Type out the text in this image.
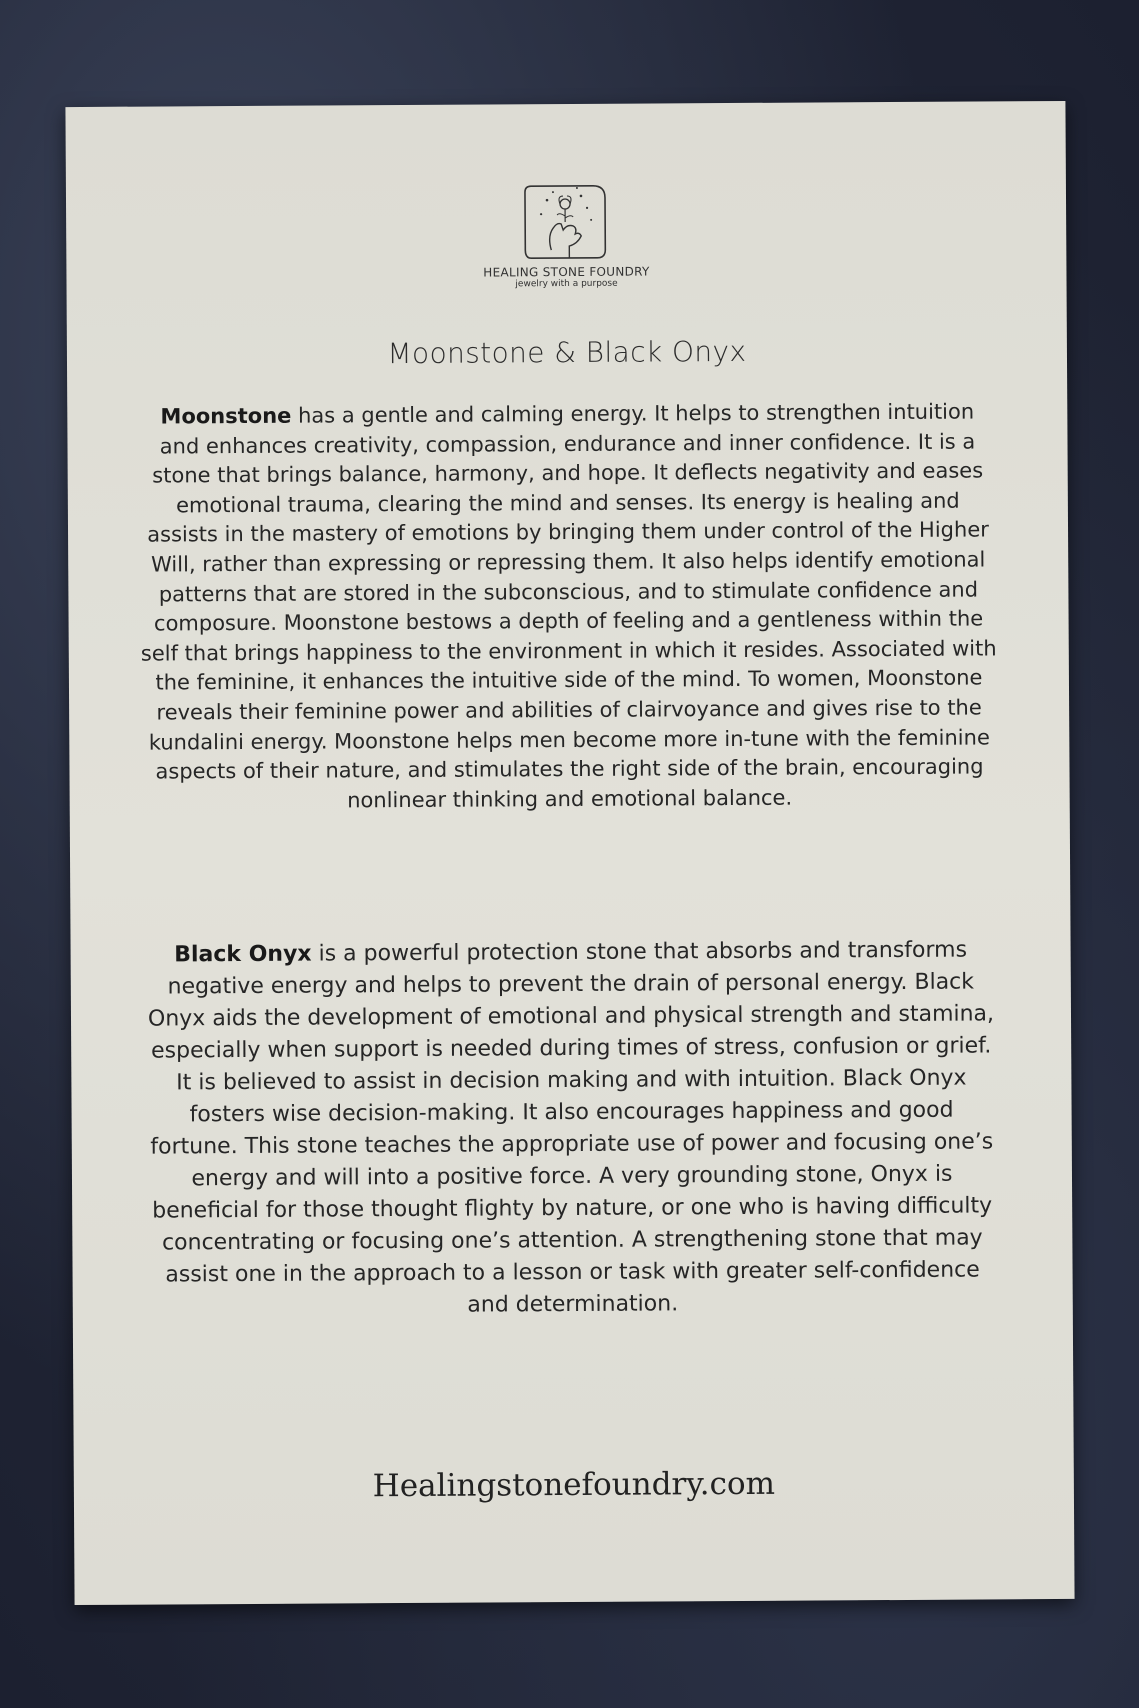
HEALING STONE FOUNDRY
jewelry with a purpose
Moonstone & Black Onyx
Moonstone has a gentle and calming energy. It helps to strengthen intuition and enhances creativity, compassion, endurance and inner confidence. It is a stone that brings balance, harmony, and hope. It deflects negativity and eases emotional trauma, clearing the mind and senses. Its energy is healing and assists in the mastery of emotions by bringing them under control of the Higher Will, rather than expressing or repressing them. It also helps identify emotional patterns that are stored in the subconscious, and to stimulate confidence and composure. Moonstone bestows a depth of feeling and a gentleness within the self that brings happiness to the environment in which it resides. Associated with the feminine, it enhances the intuitive side of the mind. To women, Moonstone reveals their feminine power and abilities of clairvoyance and gives rise to the kundalini energy. Moonstone helps men become more in-tune with the feminine aspects of their nature, and stimulates the right side of the brain, encouraging nonlinear thinking and emotional balance.
Black Onyx is a powerful protection stone that absorbs and transforms negative energy and helps to prevent the drain of personal energy. Black Onyx aids the development of emotional and physical strength and stamina, especially when support is needed during times of stress, confusion or grief. It is believed to assist in decision making and with intuition. Black Onyx fosters wise decision-making. It also encourages happiness and good fortune. This stone teaches the appropriate use of power and focusing one’s energy and will into a positive force. A very grounding stone, Onyx is beneficial for those thought flighty by nature, or one who is having difficulty concentrating or focusing one’s attention. A strengthening stone that may assist one in the approach to a lesson or task with greater self-confidence and determination.
Healingstonefoundry.com
